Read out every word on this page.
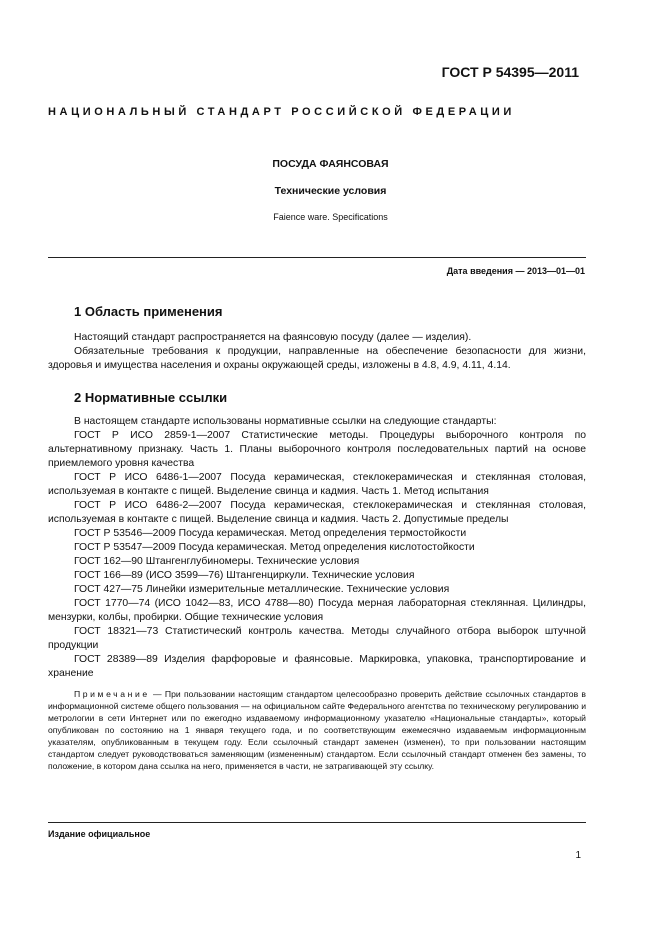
ГОСТ Р 54395—2011
НАЦИОНАЛЬНЫЙ СТАНДАРТ РОССИЙСКОЙ ФЕДЕРАЦИИ
ПОСУДА ФАЯНСОВАЯ
Технические условия
Faience ware. Specifications
Дата введения — 2013—01—01
1 Область применения

Настоящий стандарт распространяется на фаянсовую посуду (далее — изделия).

Обязательные требования к продукции, направленные на обеспечение безопасности для жизни, здоровья и имущества населения и охраны окружающей среды, изложены в 4.8, 4.9, 4.11, 4.14.

2 Нормативные ссылки

В настоящем стандарте использованы нормативные ссылки на следующие стандарты:

ГОСТ Р ИСО 2859-1—2007 Статистические методы. Процедуры выборочного контроля по альтернативному признаку. Часть 1. Планы выборочного контроля последовательных партий на основе приемлемого уровня качества

ГОСТ Р ИСО 6486-1—2007 Посуда керамическая, стеклокерамическая и стеклянная столовая, используемая в контакте с пищей. Выделение свинца и кадмия. Часть 1. Метод испытания

ГОСТ Р ИСО 6486-2—2007 Посуда керамическая, стеклокерамическая и стеклянная столовая, используемая в контакте с пищей. Выделение свинца и кадмия. Часть 2. Допустимые пределы

ГОСТ Р 53546—2009 Посуда керамическая. Метод определения термостойкости

ГОСТ Р 53547—2009 Посуда керамическая. Метод определения кислотостойкости

ГОСТ 162—90 Штангенглубиномеры. Технические условия

ГОСТ 166—89 (ИСО 3599—76) Штангенциркули. Технические условия

ГОСТ 427—75 Линейки измерительные металлические. Технические условия

ГОСТ 1770—74 (ИСО 1042—83, ИСО 4788—80) Посуда мерная лабораторная стеклянная. Цилиндры, мензурки, колбы, пробирки. Общие технические условия

ГОСТ 18321—73 Статистический контроль качества. Методы случайного отбора выборок штучной продукции

ГОСТ 28389—89 Изделия фарфоровые и фаянсовые. Маркировка, упаковка, транспортирование и хранение

Примечание — При пользовании настоящим стандартом целесообразно проверить действие ссылочных стандартов в информационной системе общего пользования — на официальном сайте Федерального агентства по техническому регулированию и метрологии в сети Интернет или по ежегодно издаваемому информационному указателю «Национальные стандарты», который опубликован по состоянию на 1 января текущего года, и по соответствующим ежемесячно издаваемым информационным указателям, опубликованным в текущем году. Если ссылочный стандарт заменен (изменен), то при пользовании настоящим стандартом следует руководствоваться заменяющим (измененным) стандартом. Если ссылочный стандарт отменен без замены, то положение, в котором дана ссылка на него, применяется в части, не затрагивающей эту ссылку.

Издание официальное
1
